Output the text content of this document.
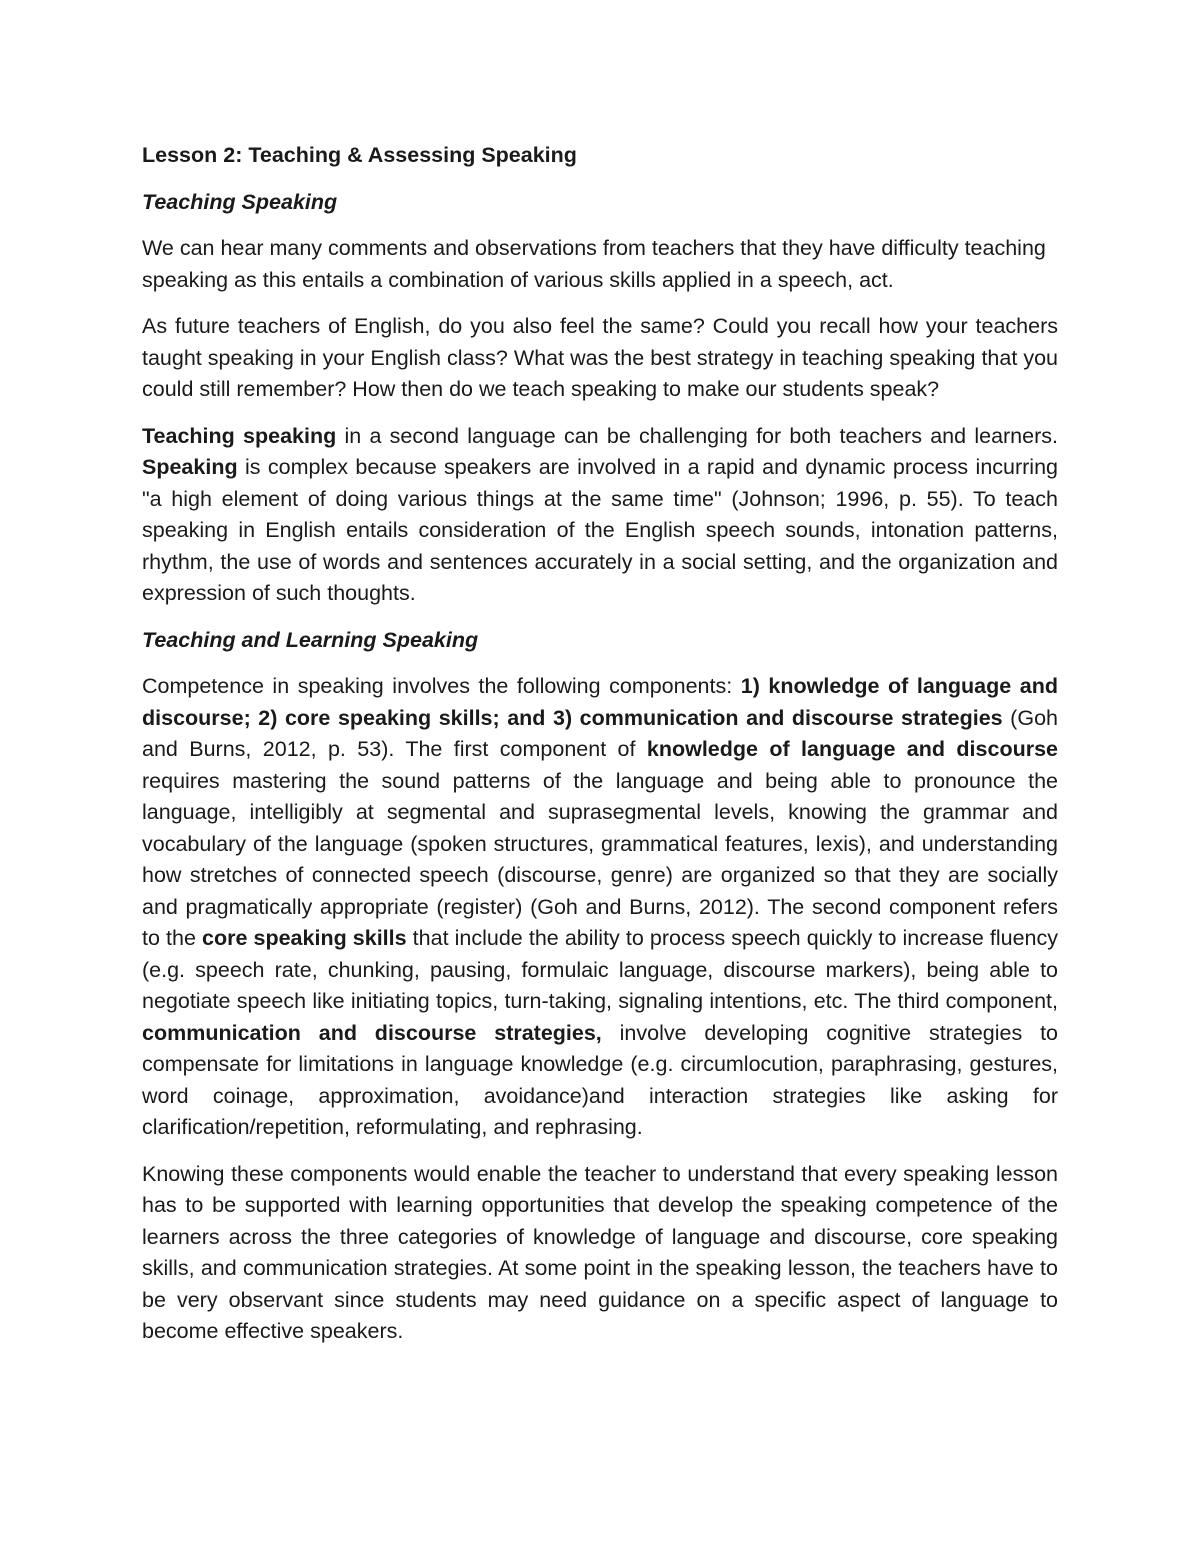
Lesson 2: Teaching & Assessing Speaking
Teaching Speaking

We can hear many comments and observations from teachers that they have difficulty teaching speaking as this entails a combination of various skills applied in a speech, act.

As future teachers of English, do you also feel the same? Could you recall how your teachers taught speaking in your English class? What was the best strategy in teaching speaking that you could still remember? How then do we teach speaking to make our students speak?

Teaching speaking in a second language can be challenging for both teachers and learners. Speaking is complex because speakers are involved in a rapid and dynamic process incurring "a high element of doing various things at the same time" (Johnson; 1996, p. 55). To teach speaking in English entails consideration of the English speech sounds, intonation patterns, rhythm, the use of words and sentences accurately in a social setting, and the organization and expression of such thoughts.

Teaching and Learning Speaking

Competence in speaking involves the following components: 1) knowledge of language and discourse; 2) core speaking skills; and 3) communication and discourse strategies (Goh and Burns, 2012, p. 53). The first component of knowledge of language and discourse requires mastering the sound patterns of the language and being able to pronounce the language, intelligibly at segmental and suprasegmental levels, knowing the grammar and vocabulary of the language (spoken structures, grammatical features, lexis), and understanding how stretches of connected speech (discourse, genre) are organized so that they are socially and pragmatically appropriate (register) (Goh and Burns, 2012). The second component refers to the core speaking skills that include the ability to process speech quickly to increase fluency (e.g. speech rate, chunking, pausing, formulaic language, discourse markers), being able to negotiate speech like initiating topics, turn-taking, signaling intentions, etc. The third component, communication and discourse strategies, involve developing cognitive strategies to compensate for limitations in language knowledge (e.g. circumlocution, paraphrasing, gestures, word coinage, approximation, avoidance)and interaction strategies like asking for clarification/repetition, reformulating, and rephrasing.

Knowing these components would enable the teacher to understand that every speaking lesson has to be supported with learning opportunities that develop the speaking competence of the learners across the three categories of knowledge of language and discourse, core speaking skills, and communication strategies. At some point in the speaking lesson, the teachers have to be very observant since students may need guidance on a specific aspect of language to become effective speakers.
